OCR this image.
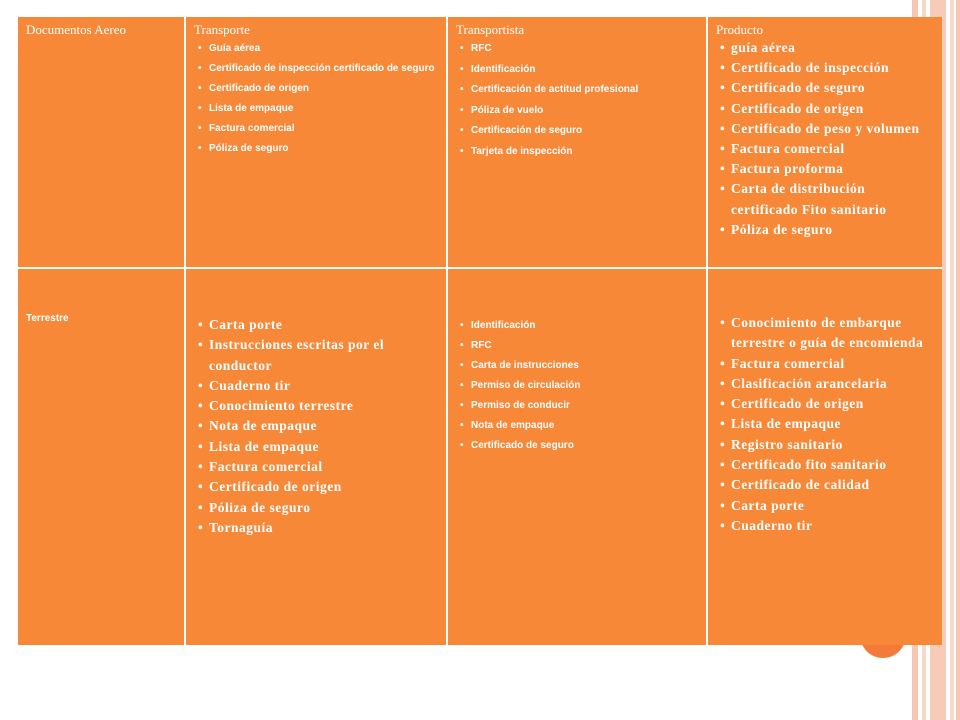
Documentos Aereo	Transporte
• Guía aérea
• Certificado de inspección certificado de seguro
• Certificado de origen
• Lista de empaque
• Factura comercial
• Póliza de seguro
Transportista
• RFC
• Identificación
• Certificación de actitud profesional
• Póliza de vuelo
• Certificación de seguro
• Tarjeta de inspección
Producto
• guía aérea
• Certificado de inspección
• Certificado de seguro
• Certificado de origen
• Certificado de peso y volumen
• Factura comercial
• Factura proforma
• Carta de distribución certificado Fito sanitario
• Póliza de seguro
Terrestre
•	Carta porte
• Instrucciones escritas por el conductor
• Cuaderno tir
• Conocimiento terrestre
• Nota de empaque
• Lista de empaque
• Factura comercial
• Certificado de origen
• Póliza de seguro
• Tornaguía
• Identificación
• RFC
• Carta de instrucciones
• Permiso de circulación
• Permiso de conducir
• Nota de empaque
• Certificado de seguro
• Conocimiento de embarque terrestre o guía de encomienda
• Factura comercial
• Clasificación arancelaria
• Certificado de origen
• Lista de empaque
• Registro sanitario
• Certificado fito sanitario
• Certificado de calidad
• Carta porte
• Cuaderno tir
